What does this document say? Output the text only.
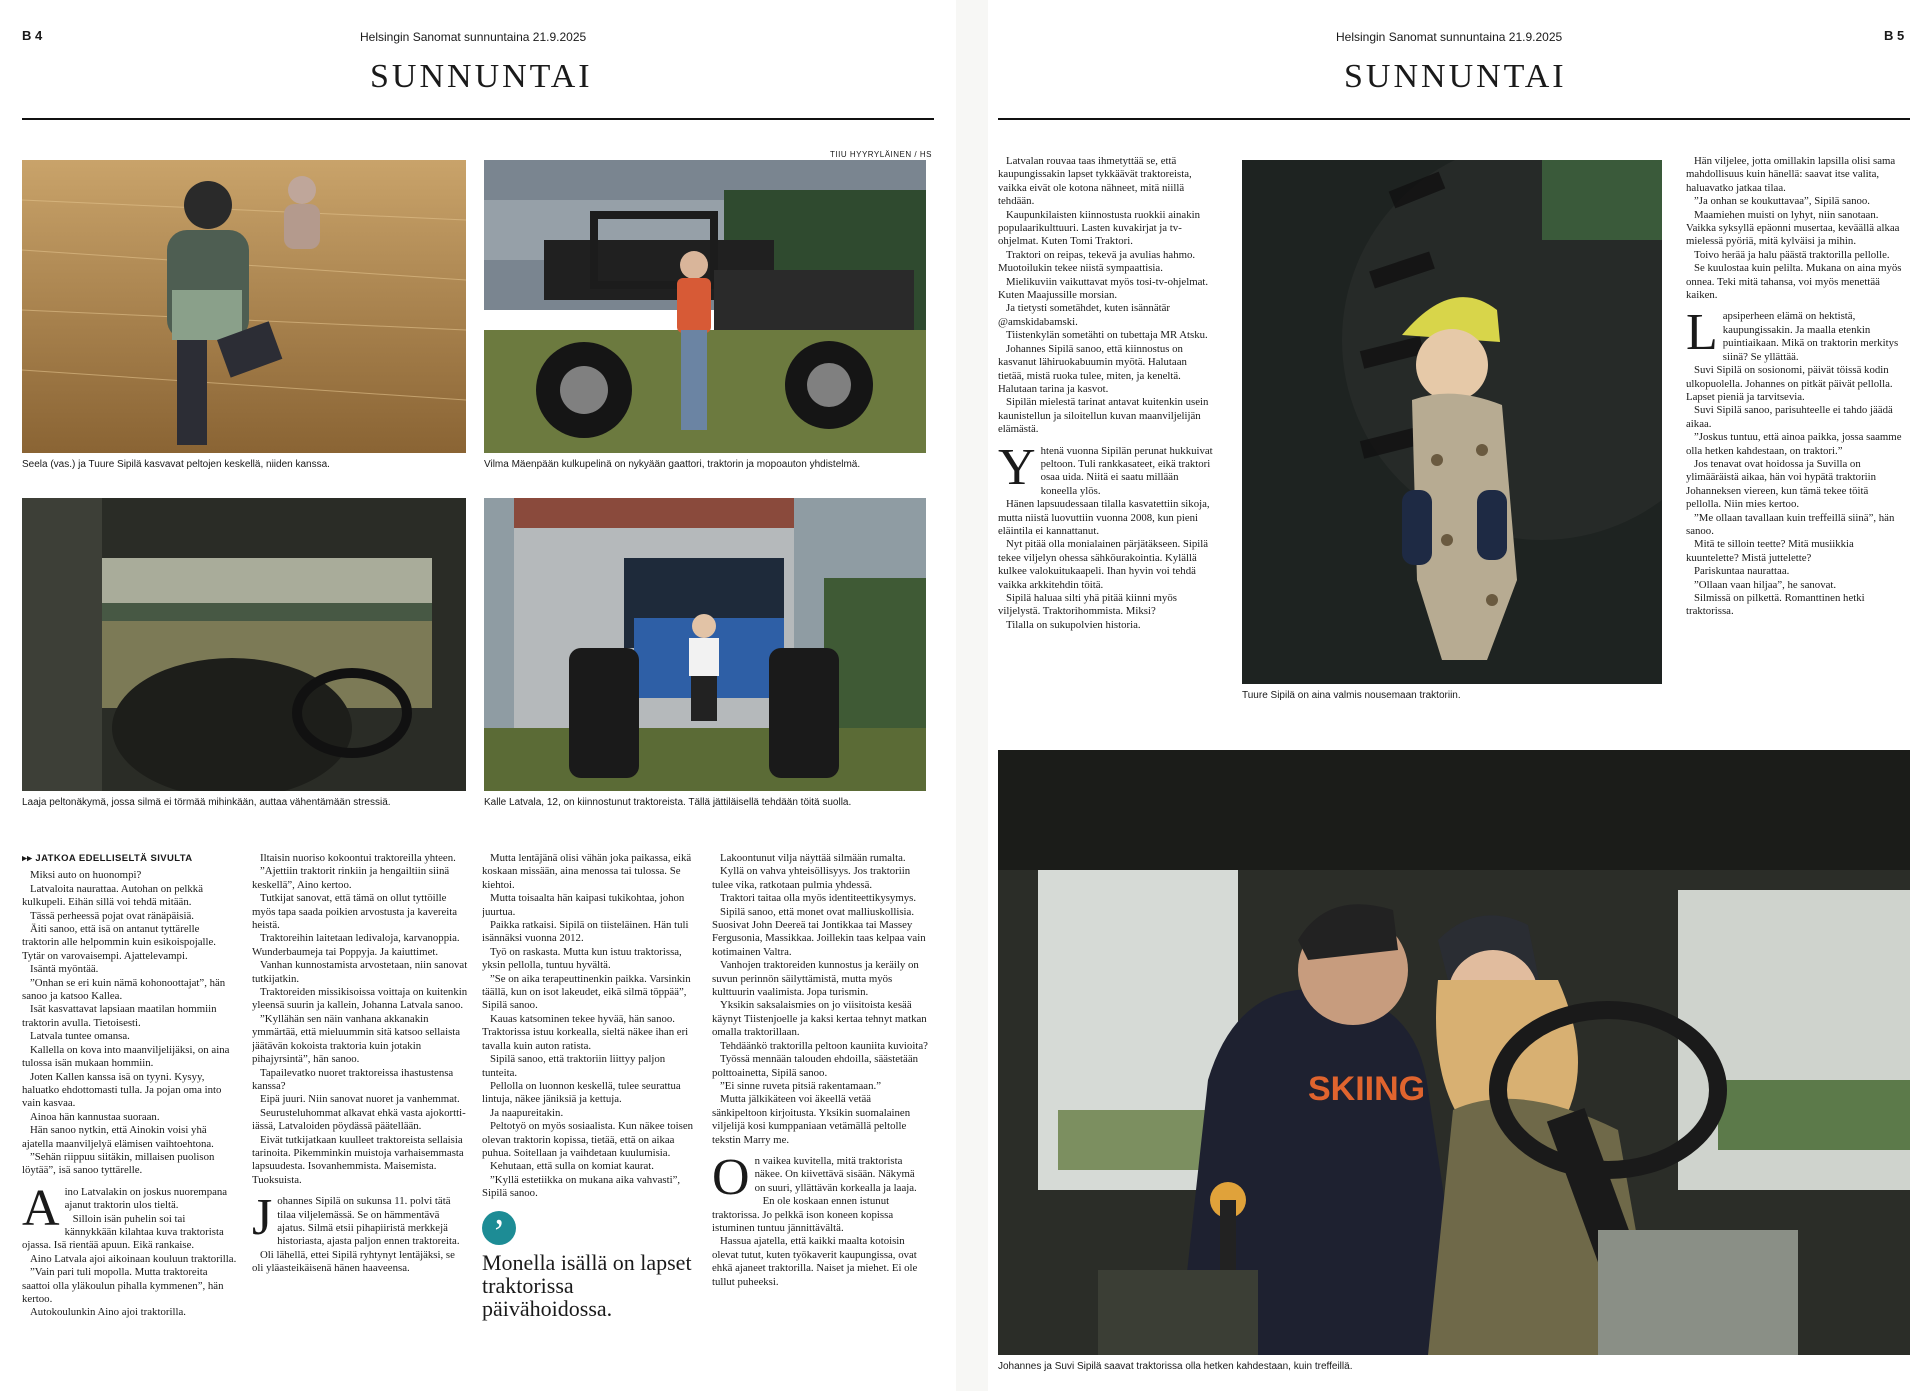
B 4	Helsingin Sanomat sunnuntaina 21.9.2025
SUNNUNTAI
Seela (vas.) ja Tuure Sipilä kasvavat peltojen keskellä, niiden kanssa.
TIIU HYYRYLÄINEN / HS
Vilma Mäenpään kulkupelinä on nykyään gaattori, traktorin ja mopoauton yhdistelmä.
Laaja peltonäkymä, jossa silmä ei törmää mihinkään, auttaa vähentämään stressiä.	Kalle Latvala, 12, on kiinnostunut traktoreista. Tällä jättiläisellä tehdään töitä suolla.
▸▸ JATKOA EDELLISELTÄ SIVULTA

Miksi auto on huonompi?

Latvaloita naurattaa. Autohan on pelkkä kulkupeli. Eihän sillä voi tehdä mitään.

Tässä perheessä pojat ovat ränäpäisiä.

Äiti sanoo, että isä on antanut tyttärelle traktorin alle helpommin kuin esikoispojalle. Tytär on varovaisempi. Ajattelevampi.

Isäntä myöntää.

”Onhan se eri kuin nämä kohonoottajat”, hän sanoo ja katsoo Kallea.

Isät kasvattavat lapsiaan maatilan hommiin traktorin avulla. Tietoisesti.

Latvala tuntee omansa.

Kallella on kova into maanviljelijäksi, on aina tulossa isän mukaan hommiin.

Joten Kallen kanssa isä on tyyni. Kysyy, haluatko ehdottomasti tulla. Ja pojan oma into vain kasvaa.

Ainoa hän kannustaa suoraan.

Hän sanoo nytkin, että Ainokin voisi yhä ajatella maanviljelyä elämisen vaihtoehtona.

”Sehän riippuu siitäkin, millaisen puolison löytää”, isä sanoo tyttärelle.

A ino Latvalakin on joskus nuorempana ajanut traktorin ulos tieltä.

Silloin isän puhelin soi tai kännykkään kilahtaa kuva traktorista ojassa. Isä rientää apuun. Eikä rankaise.

Aino Latvala ajoi aikoinaan kouluun traktorilla.

”Vain pari tuli mopolla. Mutta traktoreita saattoi olla yläkoulun pihalla kymmenen”, hän kertoo.

Autokoulunkin Aino ajoi traktorilla.

Iltaisin nuoriso kokoontui traktoreilla yhteen.

”Ajettiin traktorit rinkiin ja hengailtiin siinä keskellä”, Aino kertoo.

Tutkijat sanovat, että tämä on ollut tyttöille myös tapa saada poikien arvostusta ja kavereita heistä.

Traktoreihin laitetaan ledivaloja, karvanoppia. Wunderbaumeja tai Poppyja. Ja kaiuttimet.

Vanhan kunnostamista arvostetaan, niin sanovat tutkijatkin.

Traktoreiden missikisoissa voittaja on kuitenkin yleensä suurin ja kallein, Johanna Latvala sanoo.

”Kyllähän sen näin vanhana akkanakin ymmärtää, että mieluummin sitä katsoo sellaista jäätävän kokoista traktoria kuin jotakin pihajyrsintä”, hän sanoo.

Tapailevatko nuoret traktoreissa ihastustensa kanssa?

Eipä juuri. Niin sanovat nuoret ja vanhemmat.

Seurusteluhommat alkavat ehkä vasta ajokortti-iässä, Latvaloiden pöydässä päätellään.

Eivät tutkijatkaan kuulleet traktoreista sellaisia tarinoita. Pikemminkin muistoja varhaisemmasta lapsuudesta. Isovanhemmista. Maisemista. Tuoksuista.

J ohannes Sipilä on sukunsa 11. polvi tätä tilaa viljelemässä. Se on hämmentävä ajatus. Silmä etsii pihapiiristä merkkejä historiasta, ajasta paljon ennen traktoreita.

Oli lähellä, ettei Sipilä ryhtynyt lentäjäksi, se oli yläasteikäisenä hänen haaveensa.

Mutta lentäjänä olisi vähän joka paikassa, eikä koskaan missään, aina menossa tai tulossa. Se kiehtoi.

Mutta toisaalta hän kaipasi tukikohtaa, johon juurtua.

Paikka ratkaisi. Sipilä on tiisteläinen. Hän tuli isännäksi vuonna 2012.

Työ on raskasta. Mutta kun istuu traktorissa, yksin pellolla, tuntuu hyvältä.

”Se on aika terapeuttinenkin paikka. Varsinkin täällä, kun on isot lakeudet, eikä silmä töppää”, Sipilä sanoo.

Kauas katsominen tekee hyvää, hän sanoo. Traktorissa istuu korkealla, sieltä näkee ihan eri tavalla kuin auton ratista.

Sipilä sanoo, että traktoriin liittyy paljon tunteita.

Pellolla on luonnon keskellä, tulee seurattua lintuja, näkee jäniksiä ja kettuja.

Ja naapureitakin.

Peltotyö on myös sosiaalista. Kun näkee toisen olevan traktorin kopissa, tietää, että on aikaa puhua. Soitellaan ja vaihdetaan kuulumisia.

Kehutaan, että sulla on komiat kaurat.

”Kyllä estetiikka on mukana aika vahvasti”, Sipilä sanoo.

’
Monella isällä on lapset traktorissa päivähoidossa.

Lakoontunut vilja näyttää silmään rumalta.

Kyllä on vahva yhteisöllisyys. Jos traktoriin tulee vika, ratkotaan pulmia yhdessä.

Traktori taitaa olla myös identiteettikysymys.

Sipilä sanoo, että monet ovat malliuskollisia. Suosivat John Deereä tai Jontikkaa tai Massey Fergusonia, Massikkaa. Joillekin taas kelpaa vain kotimainen Valtra.

Vanhojen traktoreiden kunnostus ja keräily on suvun perinnön säilyttämistä, mutta myös kulttuurin vaalimista. Jopa turismin.

Yksikin saksalaismies on jo viisitoista kesää käynyt Tiistenjoelle ja kaksi kertaa tehnyt matkan omalla traktorillaan.

Tehdäänkö traktorilla peltoon kauniita kuvioita?

Työssä mennään talouden ehdoilla, säästetään polttoainetta, Sipilä sanoo.

”Ei sinne ruveta pitsiä rakentamaan.”

Mutta jälkikäteen voi äkeellä vetää sänkipeltoon kirjoitusta. Yksikin suomalainen viljelijä kosi kumppaniaan vetämällä peltolle tekstin Marry me.

O n vaikea kuvitella, mitä traktorista näkee. On kiivettävä sisään. Näkymä on suuri, yllättävän korkealla ja laaja.

En ole koskaan ennen istunut traktorissa. Jo pelkkä ison koneen kopissa istuminen tuntuu jännittävältä.

Hassua ajatella, että kaikki maalta kotoisin olevat tutut, kuten työkaverit kaupungissa, ovat ehkä ajaneet traktorilla. Naiset ja miehet. Ei ole tullut puheeksi.

Helsingin Sanomat sunnuntaina 21.9.2025	B 5
SUNNUNTAI

Latvalan rouvaa taas ihmetyttää se, että kaupungissakin lapset tykkäävät traktoreista, vaikka eivät ole kotona nähneet, mitä niillä tehdään.

Kaupunkilaisten kiinnostusta ruokkii ainakin populaarikulttuuri. Lasten kuvakirjat ja tv-ohjelmat. Kuten Tomi Traktori.

Traktori on reipas, tekevä ja avulias hahmo. Muotoilukin tekee niistä sympaattisia.

Mielikuviin vaikuttavat myös tosi-tv-ohjelmat. Kuten Maajussille morsian.

Ja tietysti sometähdet, kuten isännätär @amskidabamski.

Tiistenkylän sometähti on tubettaja MR Atsku.

Johannes Sipilä sanoo, että kiinnostus on kasvanut lähiruokabuumin myötä. Halutaan tietää, mistä ruoka tulee, miten, ja keneltä. Halutaan tarina ja kasvot.

Sipilän mielestä tarinat antavat kuitenkin usein kaunistellun ja siloitellun kuvan maanviljelijän elämästä.

Y htenä vuonna Sipilän perunat hukkuivat peltoon. Tuli rankkasateet, eikä traktori osaa uida. Niitä ei saatu millään koneella ylös.

Hänen lapsuudessaan tilalla kasvatettiin sikoja, mutta niistä luovuttiin vuonna 2008, kun pieni eläintila ei kannattanut.

Nyt pitää olla monialainen pärjätäkseen. Sipilä tekee viljelyn ohessa sähköurakointia. Kylällä kulkee valokuitukaapeli. Ihan hyvin voi tehdä vaikka arkkitehdin töitä.

Sipilä haluaa silti yhä pitää kiinni myös viljelystä. Traktorihommista. Miksi?

Tilalla on sukupolvien historia.

Tuure Sipilä on aina valmis nousemaan traktoriin.

Hän viljelee, jotta omillakin lapsilla olisi sama mahdollisuus kuin hänellä: saavat itse valita, haluavatko jatkaa tilaa.

”Ja onhan se koukuttavaa”, Sipilä sanoo.

Maamiehen muisti on lyhyt, niin sanotaan. Vaikka syksyllä epäonni musertaa, keväällä alkaa mielessä pyöriä, mitä kylväisi ja mihin.

Toivo herää ja halu päästä traktorilla pellolle.

Se kuulostaa kuin pelilta. Mukana on aina myös onnea. Teki mitä tahansa, voi myös menettää kaiken.

L apsiperheen elämä on hektistä, kaupungissakin. Ja maalla etenkin puintiaikaan. Mikä on traktorin merkitys siinä? Se yllättää.

Suvi Sipilä on sosionomi, päivät töissä kodin ulkopuolella. Johannes on pitkät päivät pellolla. Lapset pieniä ja tarvitsevia.

Suvi Sipilä sanoo, parisuhteelle ei tahdo jäädä aikaa.

”Joskus tuntuu, että ainoa paikka, jossa saamme olla hetken kahdestaan, on traktori.”

Jos tenavat ovat hoidossa ja Suvilla on ylimääräistä aikaa, hän voi hypätä traktoriin Johanneksen viereen, kun tämä tekee töitä pellolla. Niin mies kertoo.

”Me ollaan tavallaan kuin treffeillä siinä”, hän sanoo.

Mitä te silloin teette? Mitä musiikkia kuuntelette? Mistä juttelette?

Pariskuntaa naurattaa.

”Ollaan vaan hiljaa”, he sanovat.

Silmissä on pilkettä. Romanttinen hetki traktorissa.

SKIING
Johannes ja Suvi Sipilä saavat traktorissa olla hetken kahdestaan, kuin treffeillä.
